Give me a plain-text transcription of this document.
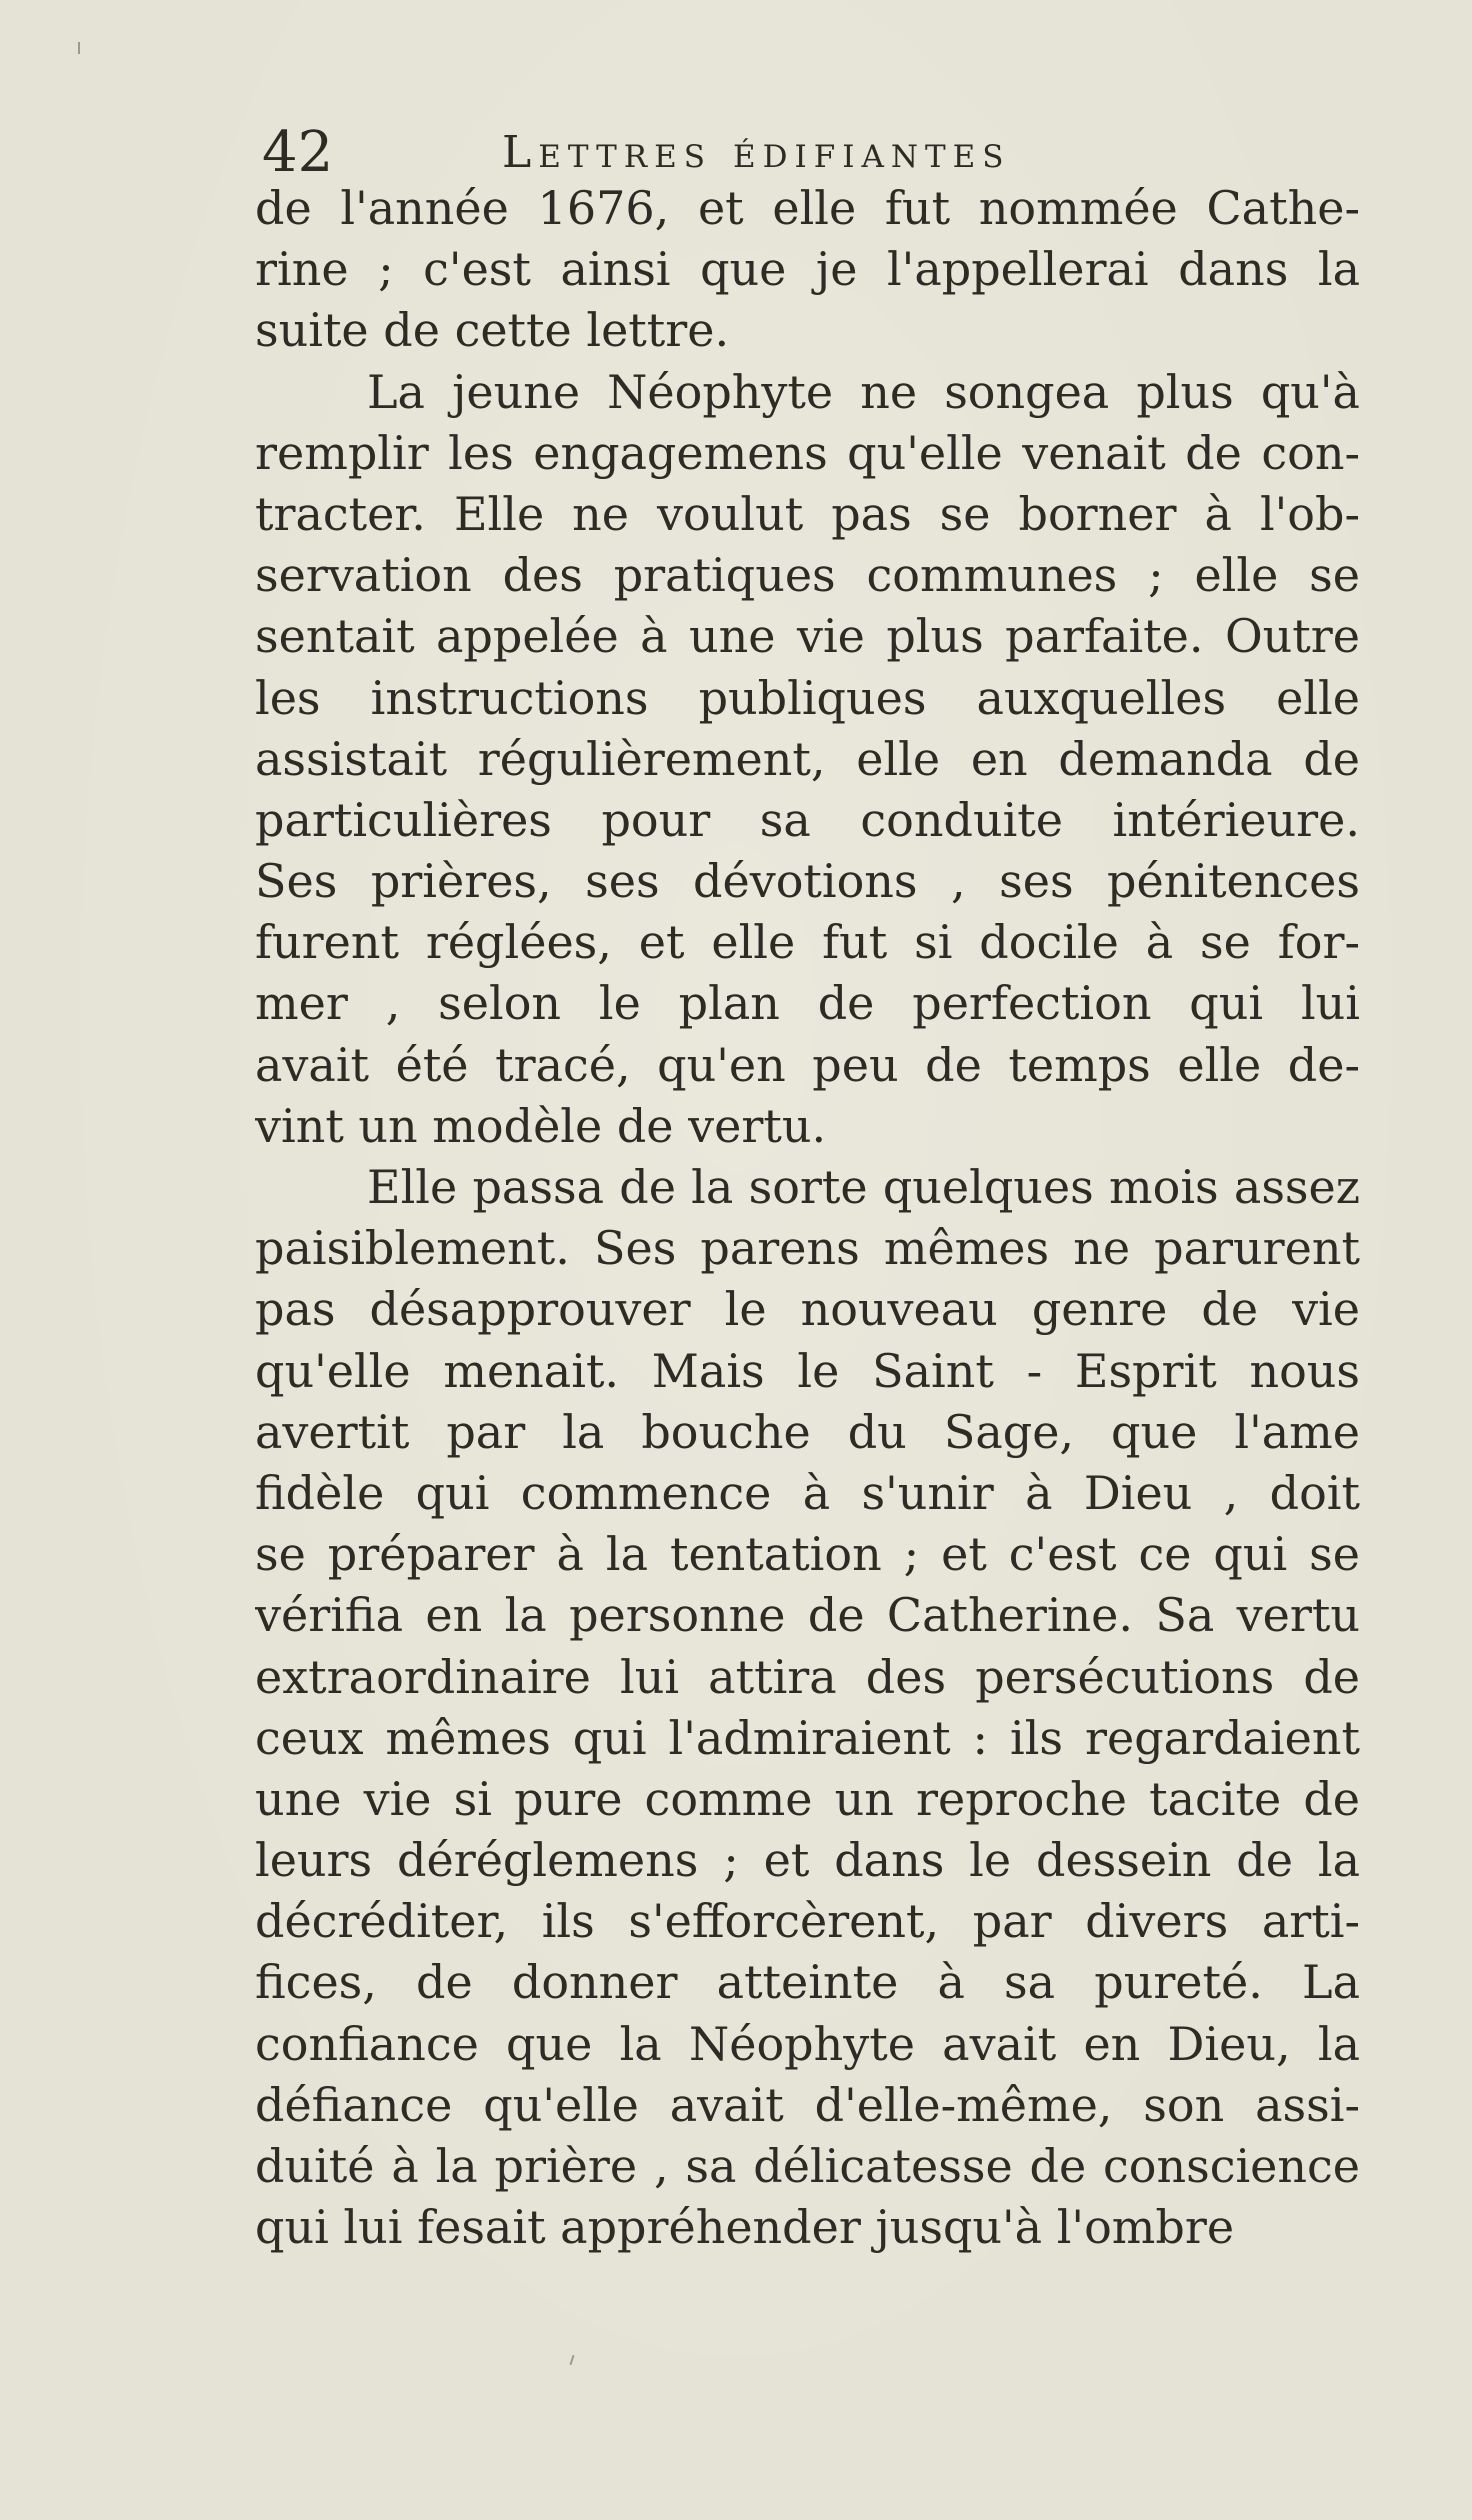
42	Lettres édifiantes
de l'année 1676, et elle fut nommée Cathe-
rine ; c'est ainsi que je l'appellerai dans la
suite de cette lettre.
La jeune Néophyte ne songea plus qu'à
remplir les engagemens qu'elle venait de con-
tracter. Elle ne voulut pas se borner à l'ob-
servation des pratiques communes ; elle se
sentait appelée à une vie plus parfaite. Outre
les instructions publiques auxquelles elle
assistait régulièrement, elle en demanda de
particulières pour sa conduite intérieure.
Ses prières, ses dévotions , ses pénitences
furent réglées, et elle fut si docile à se for-
mer , selon le plan de perfection qui lui
avait été tracé, qu'en peu de temps elle de-
vint un modèle de vertu.
Elle passa de la sorte quelques mois assez
paisiblement. Ses parens mêmes ne parurent
pas désapprouver le nouveau genre de vie
qu'elle menait. Mais le Saint - Esprit nous
avertit par la bouche du Sage, que l'ame
fidèle qui commence à s'unir à Dieu , doit
se préparer à la tentation ; et c'est ce qui se
vérifia en la personne de Catherine. Sa vertu
extraordinaire lui attira des persécutions de
ceux mêmes qui l'admiraient : ils regardaient
une vie si pure comme un reproche tacite de
leurs déréglemens ; et dans le dessein de la
décréditer, ils s'efforcèrent, par divers arti-
fices, de donner atteinte à sa pureté. La
confiance que la Néophyte avait en Dieu, la
défiance qu'elle avait d'elle-même, son assi-
duité à la prière , sa délicatesse de conscience
qui lui fesait appréhender jusqu'à l'ombre
